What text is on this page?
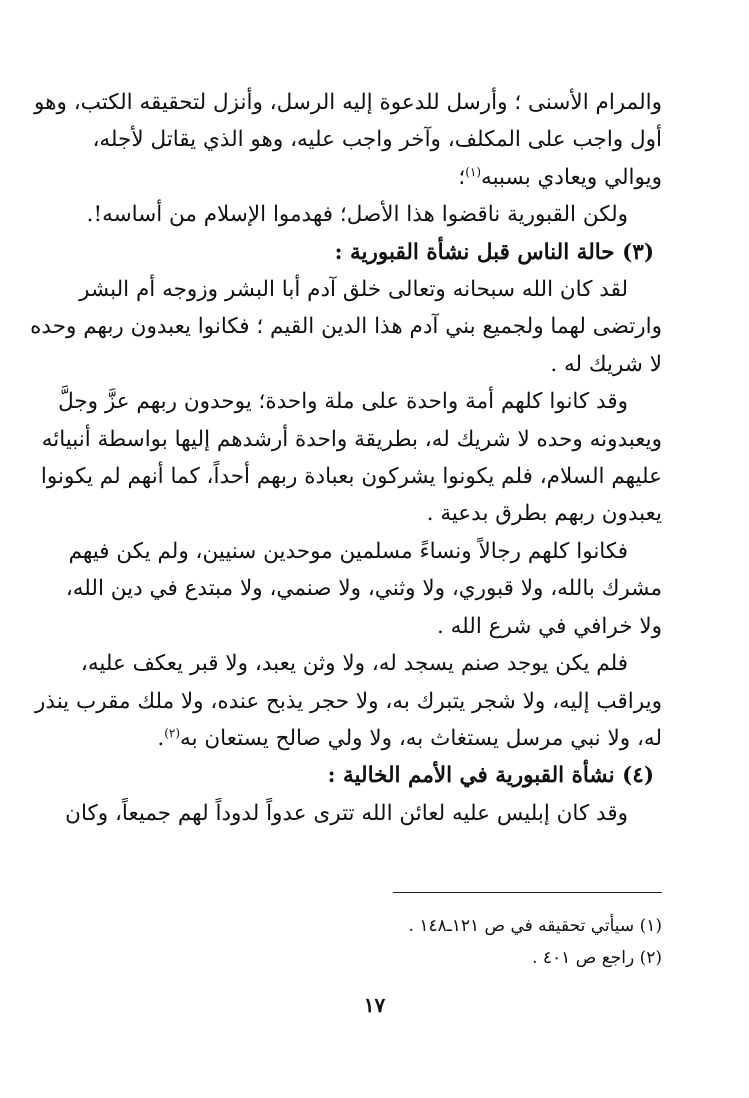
والمرام الأسنى ؛ وأرسل للدعوة إليه الرسل، وأنزل لتحقيقه الكتب، وهو
أول واجب على المكلف، وآخر واجب عليه، وهو الذي يقاتل لأجله،
ويوالي ويعادي بسببه$^{(١)}$؛
ولكن القبورية ناقضوا هذا الأصل؛ فهدموا الإسلام من أساسه!.
(٣) حالة الناس قبل نشأة القبورية :
لقد كان الله سبحانه وتعالى خلق آدم أبا البشر وزوجه أم البشر
وارتضى لهما ولجميع بني آدم هذا الدين القيم ؛ فكانوا يعبدون ربهم وحده
لا شريك له .
وقد كانوا كلهم أمة واحدة على ملة واحدة؛ يوحدون ربهم عزَّ وجلَّ
ويعبدونه وحده لا شريك له، بطريقة واحدة أرشدهم إليها بواسطة أنبيائه
عليهم السلام، فلم يكونوا يشركون بعبادة ربهم أحداً، كما أنهم لم يكونوا
يعبدون ربهم بطرق بدعية .
فكانوا كلهم رجالاً ونساءً مسلمين موحدين سنيين، ولم يكن فيهم
مشرك بالله، ولا قبوري، ولا وثني، ولا صنمي، ولا مبتدع في دين الله،
ولا خرافي في شرع الله .
فلم يكن يوجد صنم يسجد له، ولا وثن يعبد، ولا قبر يعكف عليه،
ويراقب إليه، ولا شجر يتبرك به، ولا حجر يذبح عنده، ولا ملك مقرب ينذر
له، ولا نبي مرسل يستغاث به، ولا ولي صالح يستعان به$^{(٢)}$.
(٤) نشأة القبورية في الأمم الخالية :
وقد كان إبليس عليه لعائن الله تترى عدواً لدوداً لهم جميعاً، وكان
(١) سيأتي تحقيقه في ص ١٢١ـ١٤٨ .
(٢) راجع ص ٤٠١ .
١٧
